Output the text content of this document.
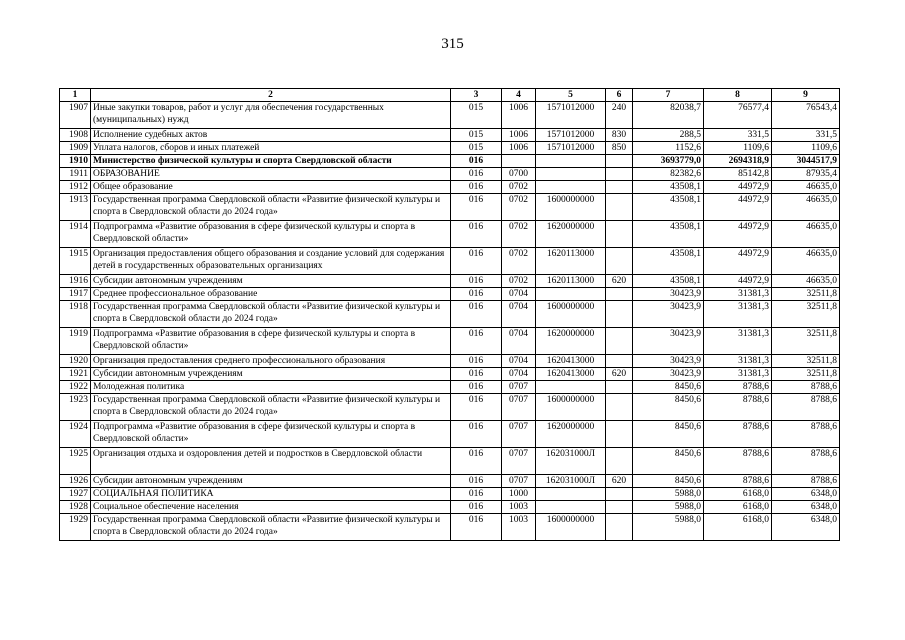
315
1	2	3	4	5	6	7	8	9
1907	Иные закупки товаров, работ и услуг для обеспечения государственных (муниципальных) нужд	015	1006	1571012000	240	82038,7	76577,4	76543,4
1908	Исполнение судебных актов	015	1006	1571012000	830	288,5	331,5	331,5
1909	Уплата налогов, сборов и иных платежей	015	1006	1571012000	850	1152,6	1109,6	1109,6
1910	Министерство физической культуры и спорта Свердловской области	016				3693779,0	2694318,9	3044517,9
1911	ОБРАЗОВАНИЕ	016	0700			82382,6	85142,8	87935,4
1912	Общее образование	016	0702			43508,1	44972,9	46635,0
1913	Государственная программа Свердловской области «Развитие физической культуры и спорта в Свердловской области до 2024 года»	016	0702	1600000000		43508,1	44972,9	46635,0
1914	Подпрограмма «Развитие образования в сфере физической культуры и спорта в Свердловской области»	016	0702	1620000000		43508,1	44972,9	46635,0
1915	Организация предоставления общего образования и создание условий для содержания детей в государственных образовательных организациях	016	0702	1620113000		43508,1	44972,9	46635,0
1916	Субсидии автономным учреждениям	016	0702	1620113000	620	43508,1	44972,9	46635,0
1917	Среднее профессиональное образование	016	0704			30423,9	31381,3	32511,8
1918	Государственная программа Свердловской области «Развитие физической культуры и спорта в Свердловской области до 2024 года»	016	0704	1600000000		30423,9	31381,3	32511,8
1919	Подпрограмма «Развитие образования в сфере физической культуры и спорта в Свердловской области»	016	0704	1620000000		30423,9	31381,3	32511,8
1920	Организация предоставления среднего профессионального образования	016	0704	1620413000		30423,9	31381,3	32511,8
1921	Субсидии автономным учреждениям	016	0704	1620413000	620	30423,9	31381,3	32511,8
1922	Молодежная политика	016	0707			8450,6	8788,6	8788,6
1923	Государственная программа Свердловской области «Развитие физической культуры и спорта в Свердловской области до 2024 года»	016	0707	1600000000		8450,6	8788,6	8788,6
1924	Подпрограмма «Развитие образования в сфере физической культуры и спорта в Свердловской области»	016	0707	1620000000		8450,6	8788,6	8788,6
1925	Организация отдыха и оздоровления детей и подростков в Свердловской области	016	0707	162031000Л		8450,6	8788,6	8788,6
1926	Субсидии автономным учреждениям	016	0707	162031000Л	620	8450,6	8788,6	8788,6
1927	СОЦИАЛЬНАЯ ПОЛИТИКА	016	1000			5988,0	6168,0	6348,0
1928	Социальное обеспечение населения	016	1003			5988,0	6168,0	6348,0
1929	Государственная программа Свердловской области «Развитие физической культуры и спорта в Свердловской области до 2024 года»	016	1003	1600000000		5988,0	6168,0	6348,0
